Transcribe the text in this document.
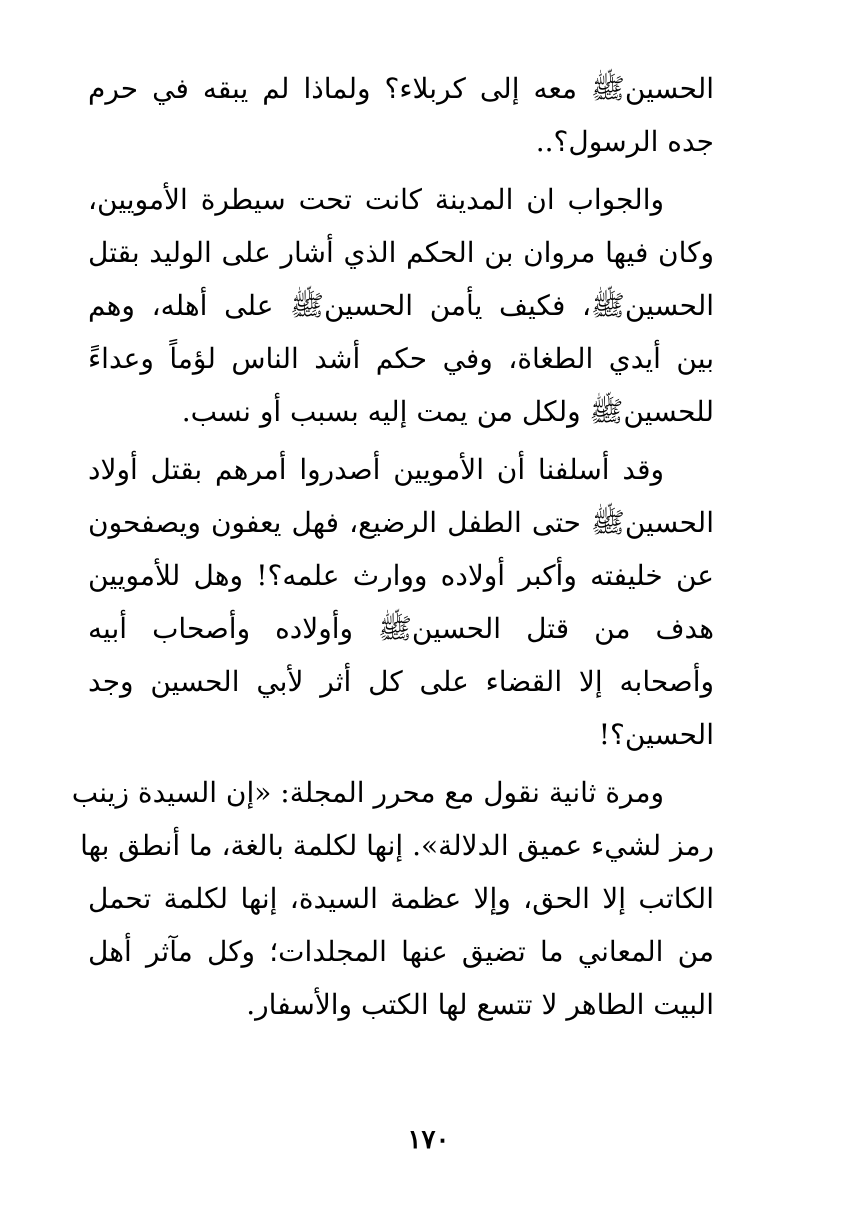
الحسينﷺ معه إلى كربلاء؟ ولماذا لم يبقه في حرم
جده الرسول؟..
والجواب ان المدينة كانت تحت سيطرة الأمويين،
وكان فيها مروان بن الحكم الذي أشار على الوليد بقتل
الحسينﷺ، فكيف يأمن الحسينﷺ على أهله، وهم
بين أيدي الطغاة، وفي حكم أشد الناس لؤماً وعداءً
للحسينﷺ ولكل من يمت إليه بسبب أو نسب.
وقد أسلفنا أن الأمويين أصدروا أمرهم بقتل أولاد
الحسينﷺ حتى الطفل الرضيع، فهل يعفون ويصفحون
عن خليفته وأكبر أولاده ووارث علمه؟! وهل للأمويين
هدف من قتل الحسينﷺ وأولاده وأصحاب أبيه
وأصحابه إلا القضاء على كل أثر لأبي الحسين وجد
الحسين؟!
ومرة ثانية نقول مع محرر المجلة: «إن السيدة زينب
رمز لشيء عميق الدلالة». إنها لكلمة بالغة، ما أنطق بها
الكاتب إلا الحق، وإلا عظمة السيدة، إنها لكلمة تحمل
من المعاني ما تضيق عنها المجلدات؛ وكل مآثر أهل
البيت الطاهر لا تتسع لها الكتب والأسفار.
١٧٠
